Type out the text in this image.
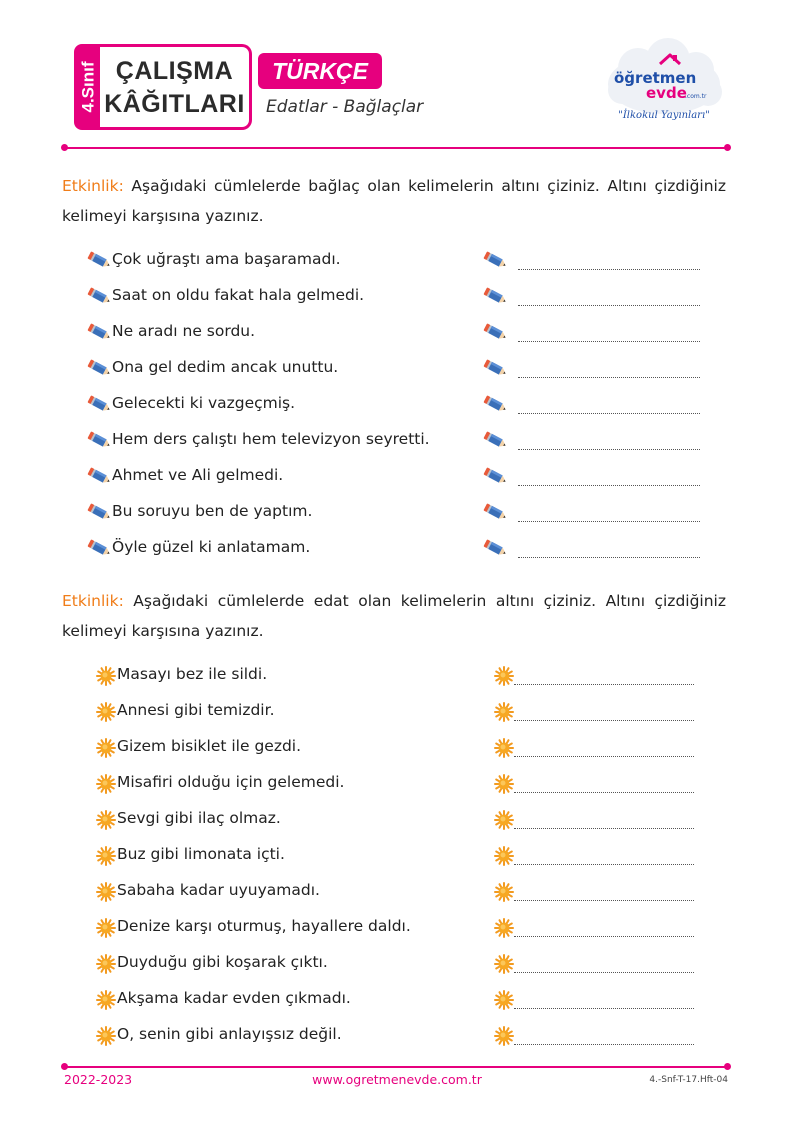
4.Sınıf ÇALIŞMA
KÂĞITLARI
TÜRKÇE
Edatlar - Bağlaçlar
öğretmen
evde
.com.tr
"İlkokul Yayınları"

Etkinlik: Aşağıdaki cümlelerde bağlaç olan kelimelerin altını çiziniz. Altını çizdiğiniz kelimeyi karşısına yazınız.

Çok uğraştı ama başaramadı.
Saat on oldu fakat hala gelmedi.
Ne aradı ne sordu.
Ona gel dedim ancak unuttu.
Gelecekti ki vazgeçmiş.
Hem ders çalıştı hem televizyon seyretti.
Ahmet ve Ali gelmedi.
Bu soruyu ben de yaptım.
Öyle güzel ki anlatamam.

Etkinlik: Aşağıdaki cümlelerde edat olan kelimelerin altını çiziniz. Altını çizdiğiniz kelimeyi karşısına yazınız.

Masayı bez ile sildi.
Annesi gibi temizdir.
Gizem bisiklet ile gezdi.
Misafiri olduğu için gelemedi.
Sevgi gibi ilaç olmaz.
Buz gibi limonata içti.
Sabaha kadar uyuyamadı.
Denize karşı oturmuş, hayallere daldı.
Duyduğu gibi koşarak çıktı.
Akşama kadar evden çıkmadı.
O, senin gibi anlayışsız değil.
2022-2023	www.ogretmenevde.com.tr	4.-Snf-T-17.Hft-04
